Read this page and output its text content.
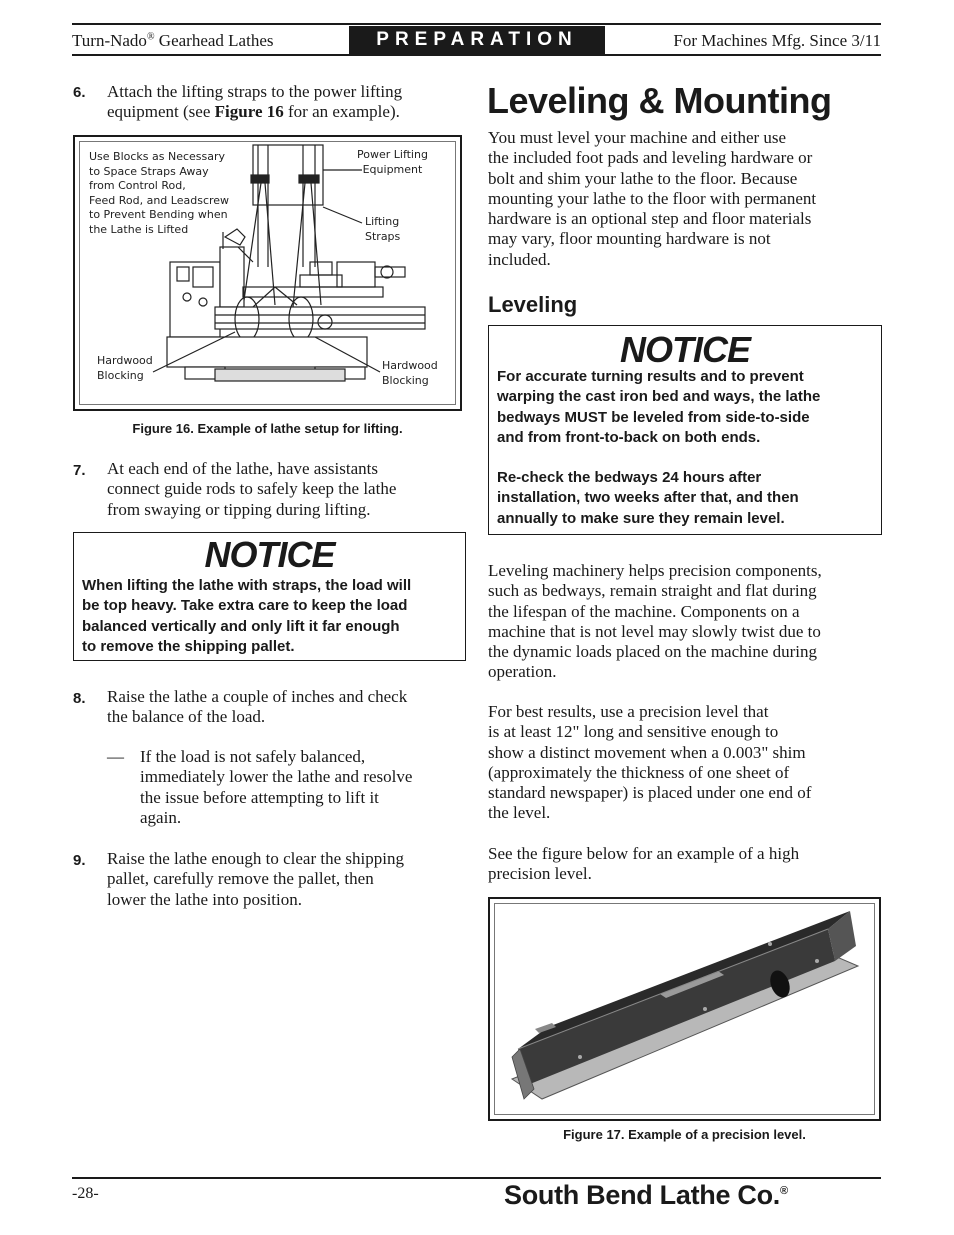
Turn-Nado® Gearhead Lathes	PREPARATION	For Machines Mfg. Since 3/11
6. Attach the lifting straps to the power lifting
equipment (see Figure 16 for an example).
Use Blocks as Necessary
to Space Straps Away
from Control Rod,
Feed Rod, and Leadscrew
to Prevent Bending when
the Lathe is Lifted
Power Lifting
Equipment
Lifting
Straps
Hardwood
Blocking
Hardwood
Blocking
Figure 16. Example of lathe setup for lifting.
7. At each end of the lathe, have assistants
connect guide rods to safely keep the lathe
from swaying or tipping during lifting.
NOTICE
When lifting the lathe with straps, the load will
be top heavy. Take extra care to keep the load
balanced vertically and only lift it far enough
to remove the shipping pallet.
8. Raise the lathe a couple of inches and check
the balance of the load.
— If the load is not safely balanced,
immediately lower the lathe and resolve
the issue before attempting to lift it
again.
9. Raise the lathe enough to clear the shipping
pallet, carefully remove the pallet, then
lower the lathe into position.
Leveling & Mounting
You must level your machine and either use
the included foot pads and leveling hardware or
bolt and shim your lathe to the floor. Because
mounting your lathe to the floor with permanent
hardware is an optional step and floor materials
may vary, floor mounting hardware is not
included.
Leveling
NOTICE
For accurate turning results and to prevent
warping the cast iron bed and ways, the lathe
bedways MUST be leveled from side-to-side
and from front-to-back on both ends.
Re-check the bedways 24 hours after
installation, two weeks after that, and then
annually to make sure they remain level.
Leveling machinery helps precision components,
such as bedways, remain straight and flat during
the lifespan of the machine. Components on a
machine that is not level may slowly twist due to
the dynamic loads placed on the machine during
operation.
For best results, use a precision level that
is at least 12" long and sensitive enough to
show a distinct movement when a 0.003" shim
(approximately the thickness of one sheet of
standard newspaper) is placed under one end of
the level.
See the figure below for an example of a high
precision level.
Figure 17. Example of a precision level.
-28-	South Bend Lathe Co.®
